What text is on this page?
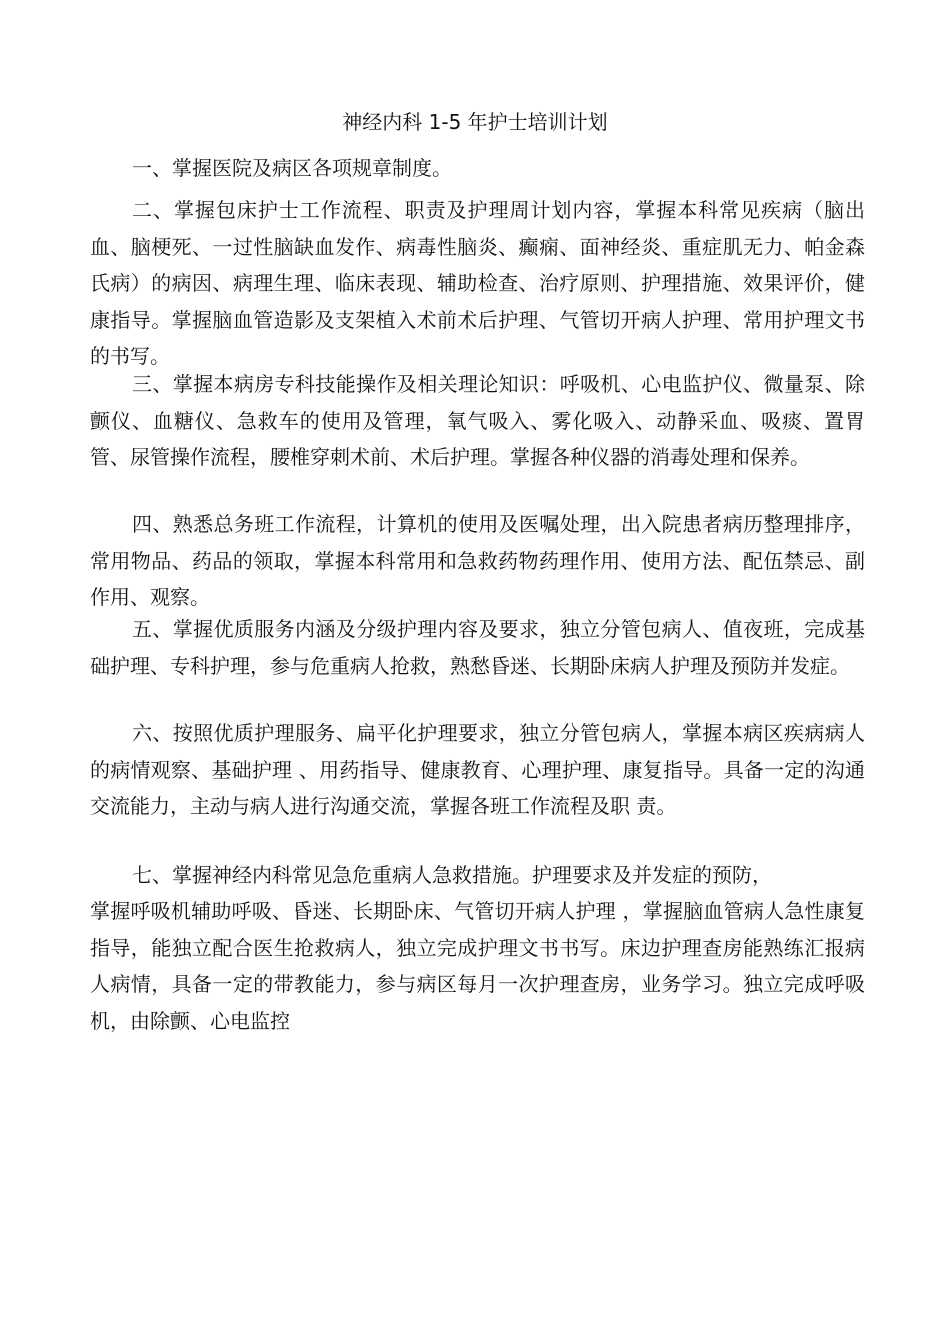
神经内科 1-5 年护士培训计划

一、掌握医院及病区各项规章制度。

二、掌握包床护士工作流程、职责及护理周计划内容，掌握本科常见疾病（脑出血、脑梗死、一过性脑缺血发作、病毒性脑炎、癫痫、面神经炎、重症肌无力、帕金森氏病）的病因、病理生理、临床表现、辅助检查、治疗原则、护理措施、效果评价，健康指导。掌握脑血管造影及支架植入术前术后护理、气管切开病人护理、常用护理文书的书写。

三、掌握本病房专科技能操作及相关理论知识：呼吸机、心电监护仪、微量泵、除颤仪、血糖仪、急救车的使用及管理，氧气吸入、雾化吸入、动静采血、吸痰、置胃管、尿管操作流程，腰椎穿刺术前、术后护理。掌握各种仪器的消毒处理和保养。

四、熟悉总务班工作流程，计算机的使用及医嘱处理，出入院患者病历整理排序，常用物品、药品的领取，掌握本科常用和急救药物药理作用、使用方法、配伍禁忌、副作用、观察。

五、掌握优质服务内涵及分级护理内容及要求，独立分管包病人、值夜班，完成基础护理、专科护理，参与危重病人抢救，熟愁昏迷、长期卧床病人护理及预防并发症。

六、按照优质护理服务、扁平化护理要求，独立分管包病人，掌握本病区疾病病人的病情观察、基础护理 、用药指导、健康教育、心理护理、康复指导。具备一定的沟通交流能力，主动与病人进行沟通交流，掌握各班工作流程及职 责。

七、掌握神经内科常见急危重病人急救措施。护理要求及并发症的预防，

掌握呼吸机辅助呼吸、昏迷、长期卧床、气管切开病人护理 ，掌握脑血管病人急性康复指导，能独立配合医生抢救病人，独立完成护理文书书写。床边护理查房能熟练汇报病人病情，具备一定的带教能力，参与病区每月一次护理查房，业务学习。独立完成呼吸机，由除颤、心电监控
